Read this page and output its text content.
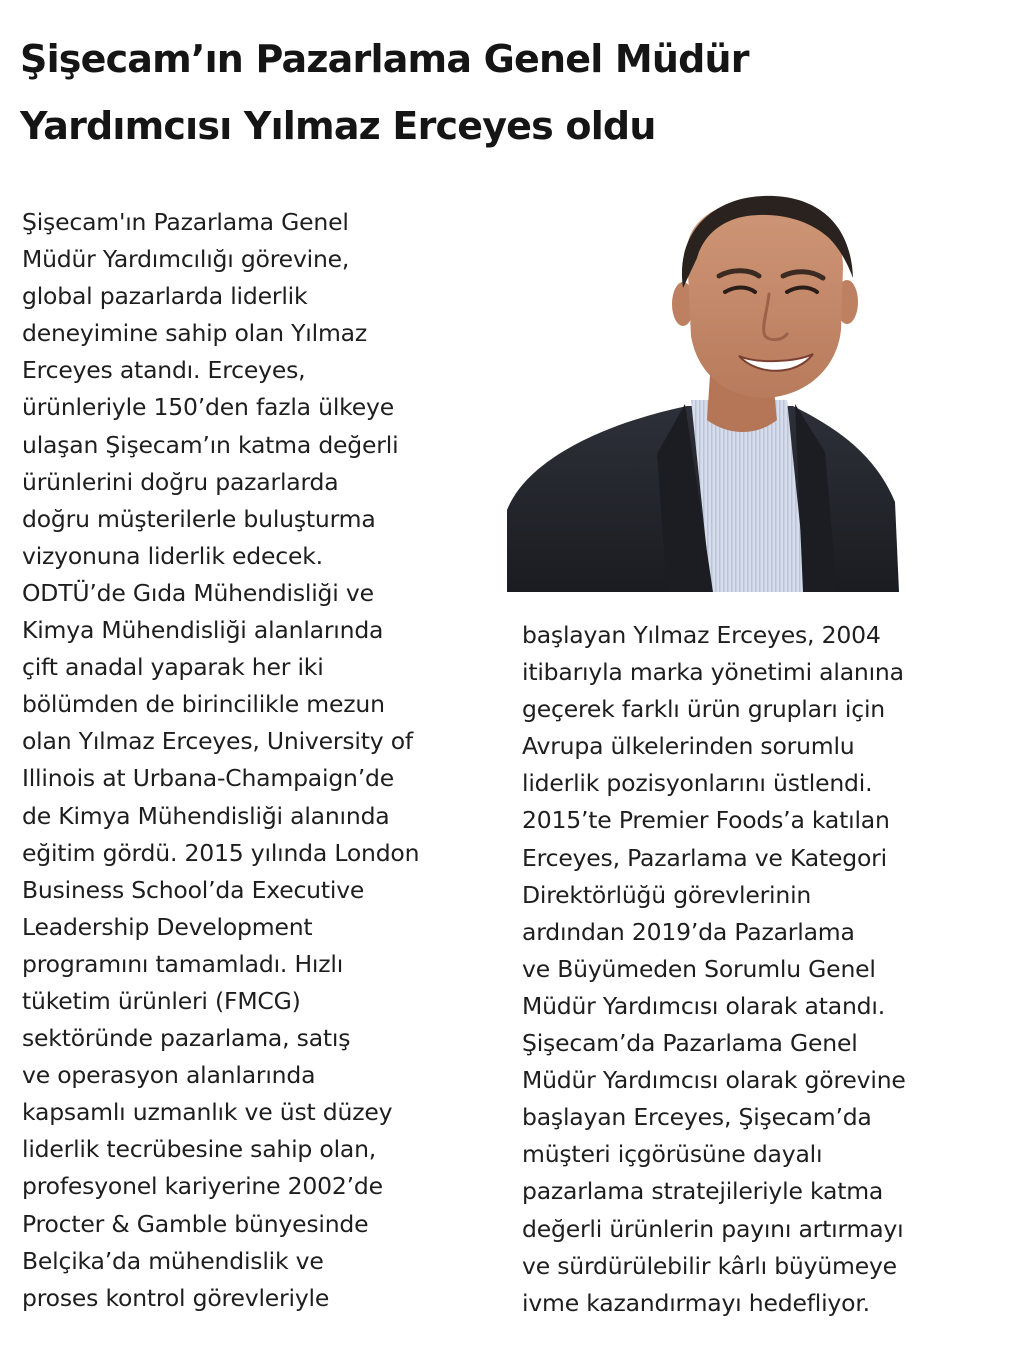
Şişecam’ın Pazarlama Genel Müdür
Yardımcısı Yılmaz Erceyes oldu
Şişecam'ın Pazarlama Genel
Müdür Yardımcılığı görevine,
global pazarlarda liderlik
deneyimine sahip olan Yılmaz
Erceyes atandı. Erceyes,
ürünleriyle 150’den fazla ülkeye
ulaşan Şişecam’ın katma değerli
ürünlerini doğru pazarlarda
doğru müşterilerle buluşturma
vizyonuna liderlik edecek.
ODTÜ’de Gıda Mühendisliği ve
Kimya Mühendisliği alanlarında
çift anadal yaparak her iki
bölümden de birincilikle mezun
olan Yılmaz Erceyes, University of
Illinois at Urbana-Champaign’de
de Kimya Mühendisliği alanında
eğitim gördü. 2015 yılında London
Business School’da Executive
Leadership Development
programını tamamladı. Hızlı
tüketim ürünleri (FMCG)
sektöründe pazarlama, satış
ve operasyon alanlarında
kapsamlı uzmanlık ve üst düzey
liderlik tecrübesine sahip olan,
profesyonel kariyerine 2002’de
Procter & Gamble bünyesinde
Belçika’da mühendislik ve
proses kontrol görevleriyle
başlayan Yılmaz Erceyes, 2004
itibarıyla marka yönetimi alanına
geçerek farklı ürün grupları için
Avrupa ülkelerinden sorumlu
liderlik pozisyonlarını üstlendi.
2015’te Premier Foods’a katılan
Erceyes, Pazarlama ve Kategori
Direktörlüğü görevlerinin
ardından 2019’da Pazarlama
ve Büyümeden Sorumlu Genel
Müdür Yardımcısı olarak atandı.
Şişecam’da Pazarlama Genel
Müdür Yardımcısı olarak görevine
başlayan Erceyes, Şişecam’da
müşteri içgörüsüne dayalı
pazarlama stratejileriyle katma
değerli ürünlerin payını artırmayı
ve sürdürülebilir kârlı büyümeye
ivme kazandırmayı hedefliyor.
